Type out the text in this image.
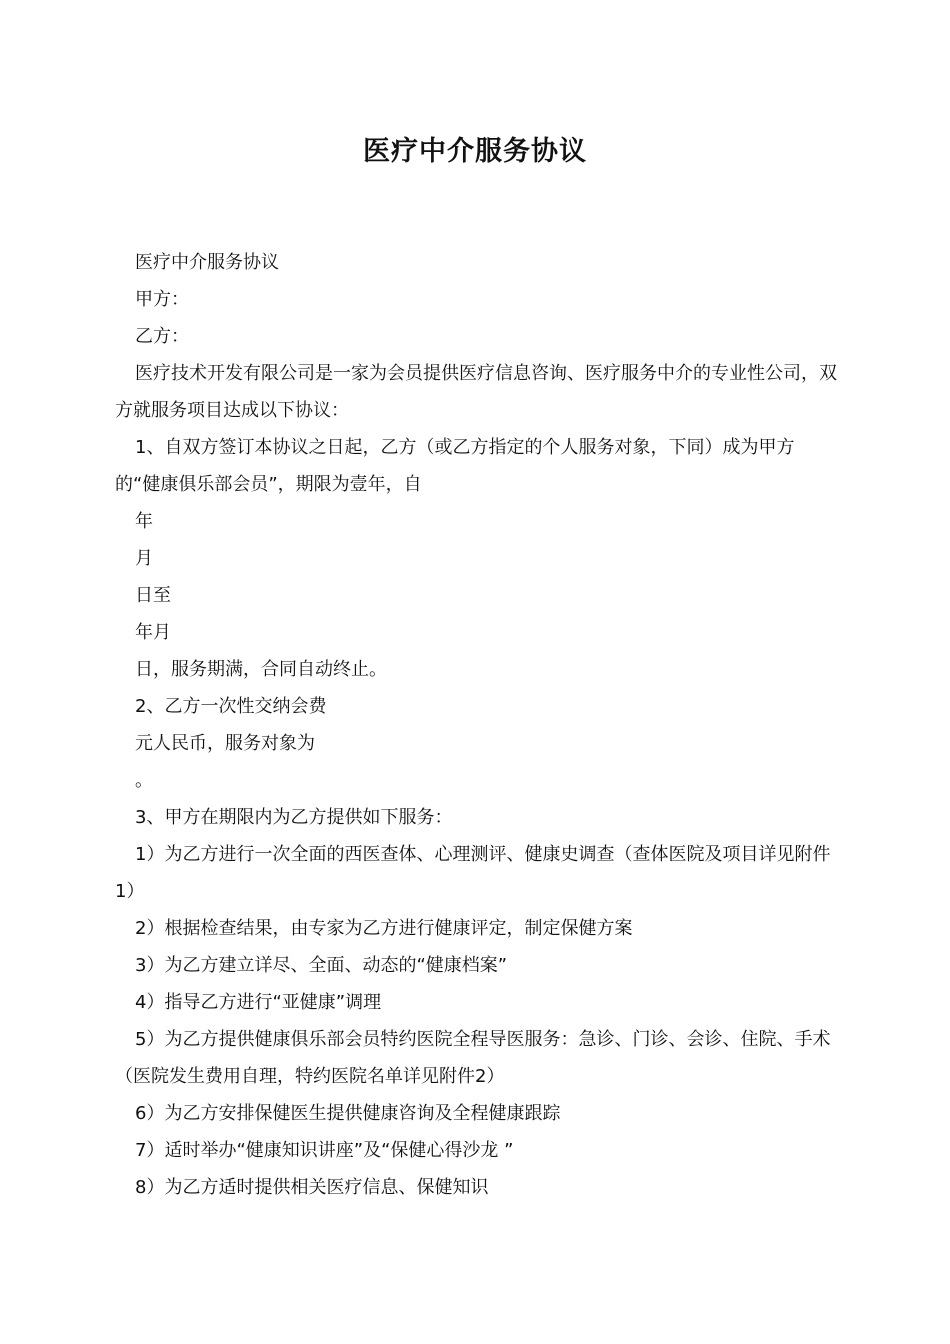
医疗中介服务协议

医疗中介服务协议

甲方：

乙方：

医疗技术开发有限公司是一家为会员提供医疗信息咨询、医疗服务中介的专业性公司，双方就服务项目达成以下协议：

1、自双方签订本协议之日起，乙方（或乙方指定的个人服务对象，下同）成为甲方的“健康俱乐部会员”，期限为壹年，自

年

月

日至

年月

日，服务期满，合同自动终止。

2、乙方一次性交纳会费

元人民币，服务对象为

。

3、甲方在期限内为乙方提供如下服务：

1）为乙方进行一次全面的西医查体、心理测评、健康史调查（查体医院及项目详见附件1）

2）根据检查结果，由专家为乙方进行健康评定，制定保健方案

3）为乙方建立详尽、全面、动态的“健康档案”

4）指导乙方进行“亚健康”调理

5）为乙方提供健康俱乐部会员特约医院全程导医服务：急诊、门诊、会诊、住院、手术（医院发生费用自理，特约医院名单详见附件2）

6）为乙方安排保健医生提供健康咨询及全程健康跟踪

7）适时举办“健康知识讲座”及“保健心得沙龙 ”

8）为乙方适时提供相关医疗信息、保健知识
